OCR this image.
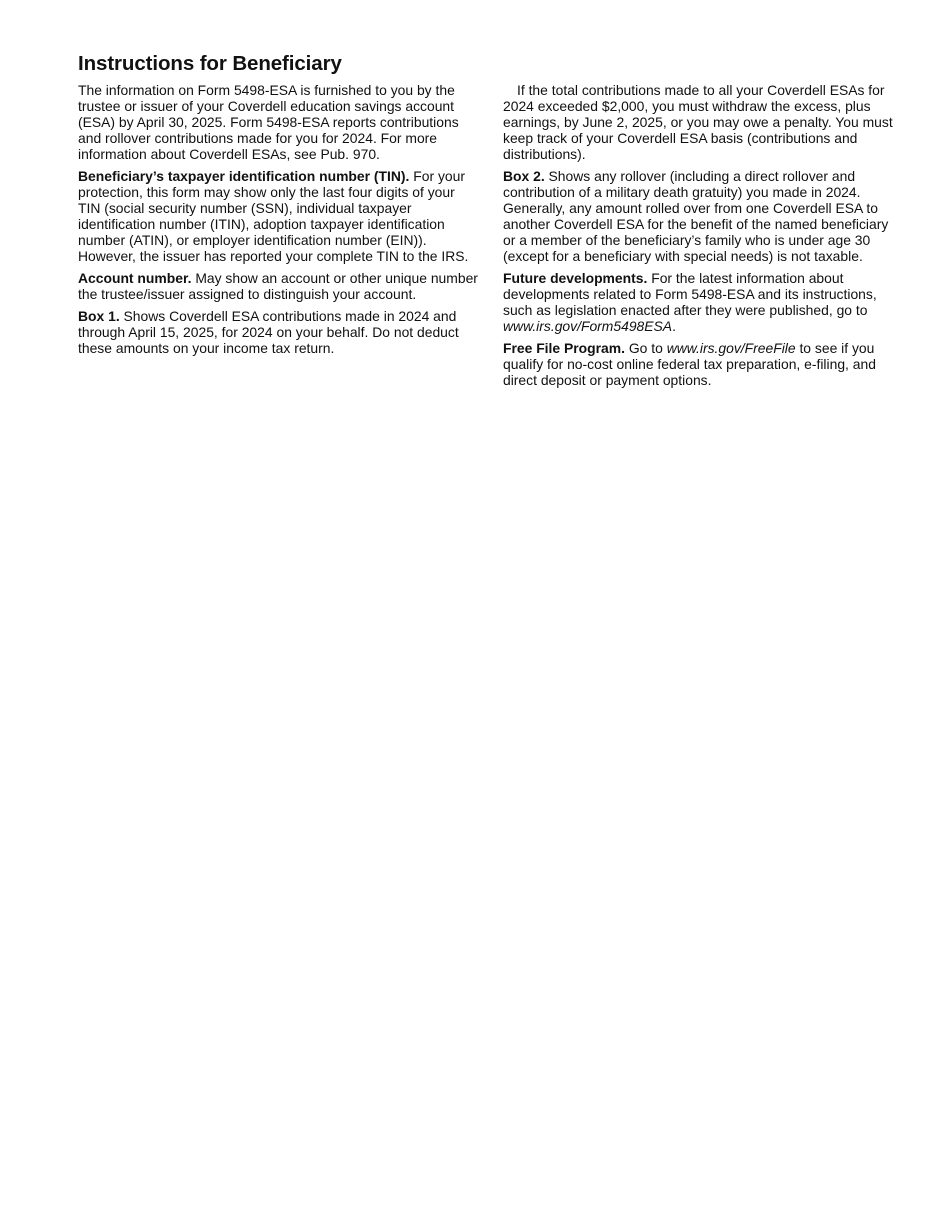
Instructions for Beneficiary

The information on Form 5498-ESA is furnished to you by the trustee or issuer of your Coverdell education savings account (ESA) by April 30, 2025. Form 5498-ESA reports contributions and rollover contributions made for you for 2024. For more information about Coverdell ESAs, see Pub. 970.

Beneficiary’s taxpayer identification number (TIN). For your protection, this form may show only the last four digits of your TIN (social security number (SSN), individual taxpayer identification number (ITIN), adoption taxpayer identification number (ATIN), or employer identification number (EIN)). However, the issuer has reported your complete TIN to the IRS.

Account number. May show an account or other unique number the trustee/issuer assigned to distinguish your account.

Box 1. Shows Coverdell ESA contributions made in 2024 and through April 15, 2025, for 2024 on your behalf. Do not deduct these amounts on your income tax return.

If the total contributions made to all your Coverdell ESAs for 2024 exceeded $2,000, you must withdraw the excess, plus earnings, by June 2, 2025, or you may owe a penalty. You must keep track of your Coverdell ESA basis (contributions and distributions).

Box 2. Shows any rollover (including a direct rollover and contribution of a military death gratuity) you made in 2024. Generally, any amount rolled over from one Coverdell ESA to another Coverdell ESA for the benefit of the named beneficiary or a member of the beneficiary’s family who is under age 30 (except for a beneficiary with special needs) is not taxable.

Future developments. For the latest information about developments related to Form 5498-ESA and its instructions, such as legislation enacted after they were published, go to www.irs.gov/Form5498ESA.

Free File Program. Go to www.irs.gov/FreeFile to see if you qualify for no-cost online federal tax preparation, e-filing, and direct deposit or payment options.
